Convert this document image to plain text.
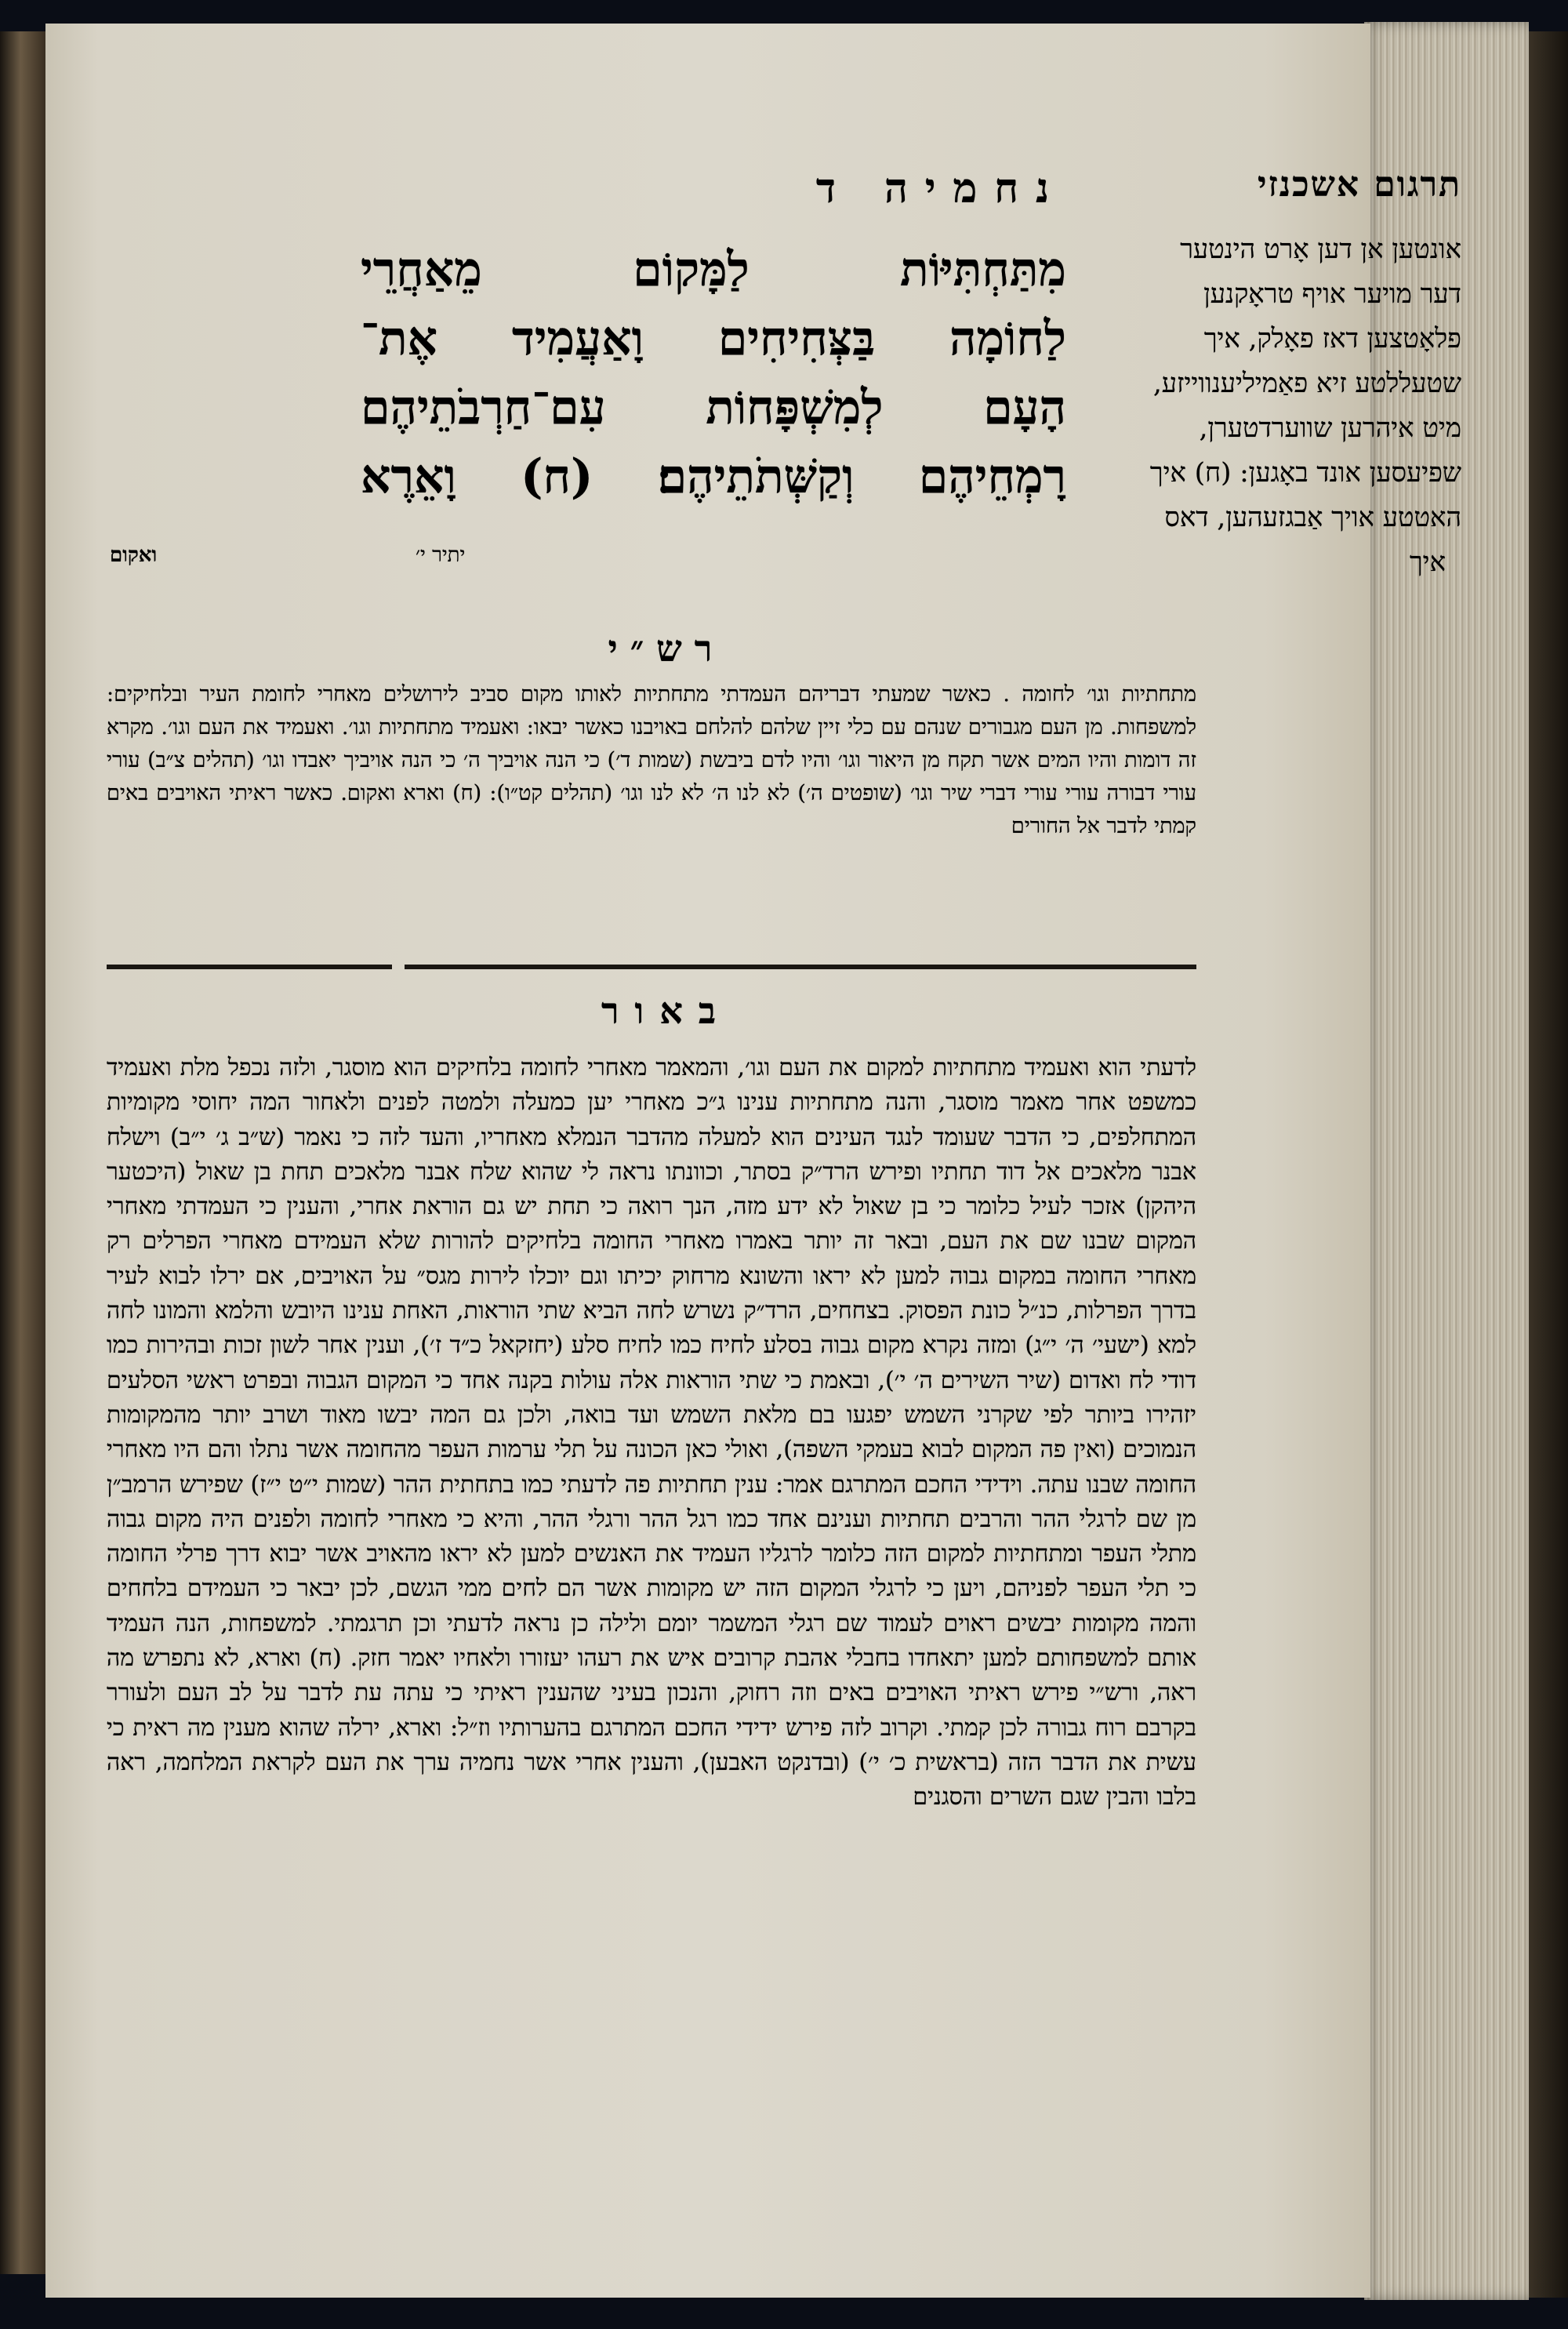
תרגום אשכנזי
אונטען אן דען אָרט הינטער
דער מויער אויף טראָקנען
פלאָטצען דאז פאָלק, איך
שטעללטע זיא פאַמיליענווייזע,
מיט איהרען שווערדטערן,
שפיעסען אונד באָגען: (ח) איך
האטטע אויך אַבגזעהען, דאס
איך
נחמיה ד
מִתַּחְתִּיּוֹת לַמָּקוֹם מֵאַחֲרֵי
לַחוֹמָה בַּצְּחִיחִים וָאַעֲמִיד אֶת־
הָעָם לְמִשְׁפָּחוֹת עִם־חַרְבֹתֵיהֶם
רָמְחֵיהֶם וְקַשְּׁתֹתֵיהֶם׃ (ח) וָאֵרֶא
ואקום	יתיר י׳
רש״י
מתחתיות וגו׳ לחומה . כאשר שמעתי דבריהם העמדתי מתחתיות לאותו מקום סביב לירושלים מאחרי לחומת העיר ובלחיקים: למשפחות. מן העם מגבורים שנהם עם כלי זיין שלהם להלחם באויבנו כאשר יבאו: ואעמיד מתחתיות וגו׳. ואעמיד את העם וגו׳. מקרא זה דומות והיו המים אשר תקח מן היאור וגו׳ והיו לדם ביבשת (שמות ד׳) כי הנה אויביך ה׳ כי הנה אויביך יאבדו וגו׳ (תהלים צ״ב) עורי עורי דבורה עורי עורי דברי שיר וגו׳ (שופטים ה׳) לא לנו ה׳ לא לנו וגו׳ (תהלים קט״ו): (ח) וארא ואקום. כאשר ראיתי האויבים באים קמתי לדבר אל החורים
באור
לדעתי הוא ואעמיד מתחתיות למקום את העם וגו׳, והמאמר מאחרי לחומה בלחיקים הוא מוסגר, ולזה נכפל מלת ואעמיד כמשפט אחר מאמר מוסגר, והנה מתחתיות ענינו ג״כ מאחרי יען כמעלה ולמטה לפנים ולאחור המה יחוסי מקומיות המתחלפים, כי הדבר שעומד לנגד העינים הוא למעלה מהדבר הנמלא מאחריו, והעד לזה כי נאמר (ש״ב ג׳ י״ב) וישלח אבנר מלאכים אל דוד תחתיו ופירש הרד״ק בסתר, וכוונתו נראה לי שהוא שלח אבנר מלאכים תחת בן שאול (היכטער היהקן) אזכר לעיל כלומר כי בן שאול לא ידע מזה, הנך רואה כי תחת יש גם הוראת אחרי, והענין כי העמדתי מאחרי המקום שבנו שם את העם, ובאר זה יותר באמרו מאחרי החומה בלחיקים להורות שלא העמידם מאחרי הפרלים רק מאחרי החומה במקום גבוה למען לא יראו והשונא מרחוק יכיתו וגם יוכלו לירות מגס״ על האויבים, אם ירלו לבוא לעיר בדרך הפרלות, כנ״ל כונת הפסוק. בצחחים, הרד״ק נשרש לחה הביא שתי הוראות, האחת ענינו היובש והלמא והמונו לחה למא (ישעי׳ ה׳ י״ג) ומזה נקרא מקום גבוה בסלע לחיח כמו לחיח סלע (יחזקאל כ״ד ז׳), וענין אחר לשון זכות ובהירות כמו דודי לח ואדום (שיר השירים ה׳ י׳), ובאמת כי שתי הוראות אלה עולות בקנה אחד כי המקום הגבוה ובפרט ראשי הסלעים יזהירו ביותר לפי שקרני השמש יפגעו בם מלאת השמש ועד בואה, ולכן גם המה יבשו מאוד ושרב יותר מהמקומות הנמוכים (ואין פה המקום לבוא בעמקי השפה), ואולי כאן הכונה על תלי ערמות העפר מהחומה אשר נתלו והם היו מאחרי החומה שבנו עתה. וידידי החכם המתרגם אמר: ענין תחתיות פה לדעתי כמו בתחתית ההר (שמות י״ט י״ז) שפירש הרמב״ן מן שם לרגלי ההר והרבים תחתיות וענינם אחד כמו רגל ההר ורגלי ההר, והיא כי מאחרי לחומה ולפנים היה מקום גבוה מתלי העפר ומתחתיות למקום הזה כלומר לרגליו העמיד את האנשים למען לא יראו מהאויב אשר יבוא דרך פרלי החומה כי תלי העפר לפניהם, ויען כי לרגלי המקום הזה יש מקומות אשר הם לחים ממי הגשם, לכן יבאר כי העמידם בלחחים והמה מקומות יבשים ראוים לעמוד שם רגלי המשמר יומם ולילה כן נראה לדעתי וכן תרגמתי. למשפחות, הנה העמיד אותם למשפחותם למען יתאחדו בחבלי אהבת קרובים איש את רעהו יעזורו ולאחיו יאמר חזק. (ח) וארא, לא נתפרש מה ראה, ורש״י פירש ראיתי האויבים באים וזה רחוק, והנכון בעיני שהענין ראיתי כי עתה עת לדבר על לב העם ולעורר בקרבם רוח גבורה לכן קמתי. וקרוב לזה פירש ידידי החכם המתרגם בהערותיו וז״ל: וארא, ירלה שהוא מענין מה ראית כי עשית את הדבר הזה (בראשית כ׳ י׳) (ובדנקט האבען), והענין אחרי אשר נחמיה ערך את העם לקראת המלחמה, ראה בלבו והבין שגם השרים והסגנים
